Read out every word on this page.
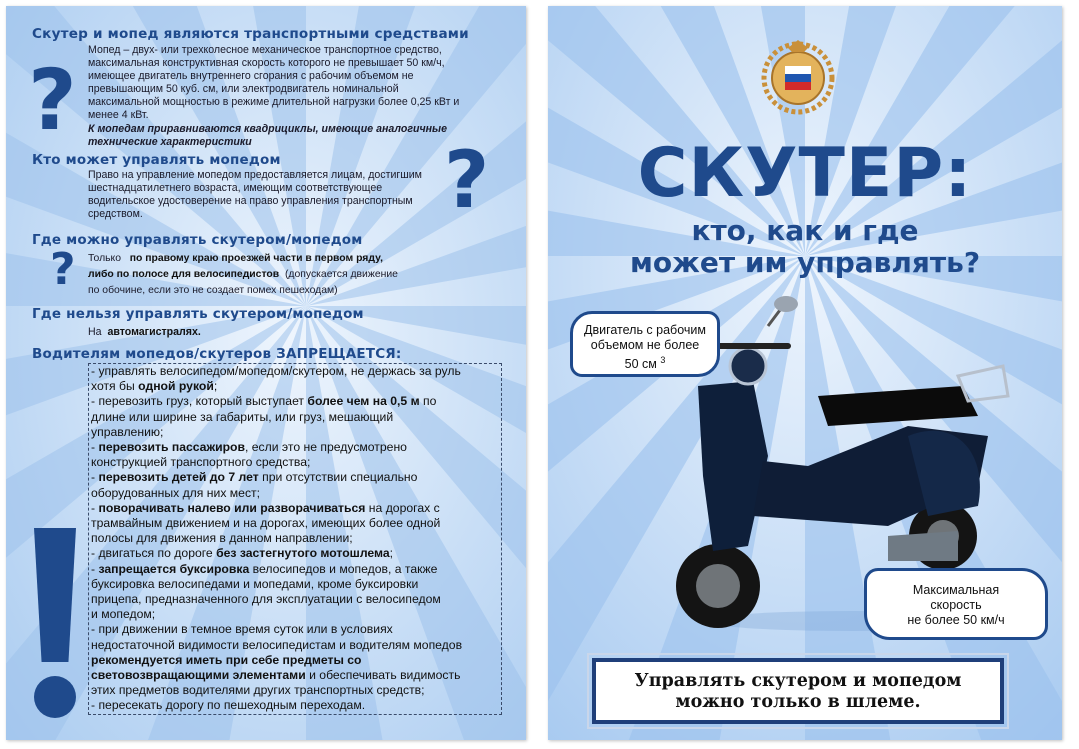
?
?
?
Скутер и мопед являются транспортными средствами
Мопед – двух- или трехколесное механическое транспортное средство,
максимальная конструктивная скорость которого не превышает 50 км/ч,
имеющее двигатель внутреннего сгорания с рабочим объемом не
превышающим 50 куб. см, или электродвигатель номинальной
максимальной мощностью в режиме длительной нагрузки более 0,25 кВт и
менее 4 кВт.
К мопедам приравниваются квадрициклы, имеющие аналогичные
технические характеристики
Кто может управлять мопедом
Право на управление мопедом предоставляется лицам, достигшим
шестнадцатилетнего возраста, имеющим соответствующее
водительское удостоверение на право управления транспортным
средством.
Где можно управлять скутером/мопедом
Только по правому краю проезжей части в первом ряду,
либо по полосе для велосипедистов (допускается движение
по обочине, если это не создает помех пешеходам)
Где нельзя управлять скутером/мопедом
На автомагистралях.
Водителям мопедов/скутеров ЗАПРЕЩАЕТСЯ:

- управлять велосипедом/мопедом/скутером, не держась за руль

хотя бы одной рукой;

- перевозить груз, который выступает более чем на 0,5 м по

длине или ширине за габариты, или груз, мешающий

управлению;

- перевозить пассажиров, если это не предусмотрено

конструкцией транспортного средства;

- перевозить детей до 7 лет при отсутствии специально

оборудованных для них мест;

- поворачивать налево или разворачиваться на дорогах с

трамвайным движением и на дорогах, имеющих более одной

полосы для движения в данном направлении;

- двигаться по дороге без застегнутого мотошлема;

- запрещается буксировка велосипедов и мопедов, а также

буксировка велосипедами и мопедами, кроме буксировки

прицепа, предназначенного для эксплуатации с велосипедом

и мопедом;

- при движении в темное время суток или в условиях

недостаточной видимости велосипедистам и водителям мопедов

рекомендуется иметь при себе предметы со

световозвращающими элементами и обеспечивать видимость

этих предметов водителями других транспортных средств;

- пересекать дорогу по пешеходным переходам.

СКУТЕР:
кто, как и где
может им управлять?
Двигатель с рабочим
объемом не более
50 см $^3$
Максимальная
скорость
не более 50 км/ч

Управлять скутером и мопедом

можно только в шлеме.
